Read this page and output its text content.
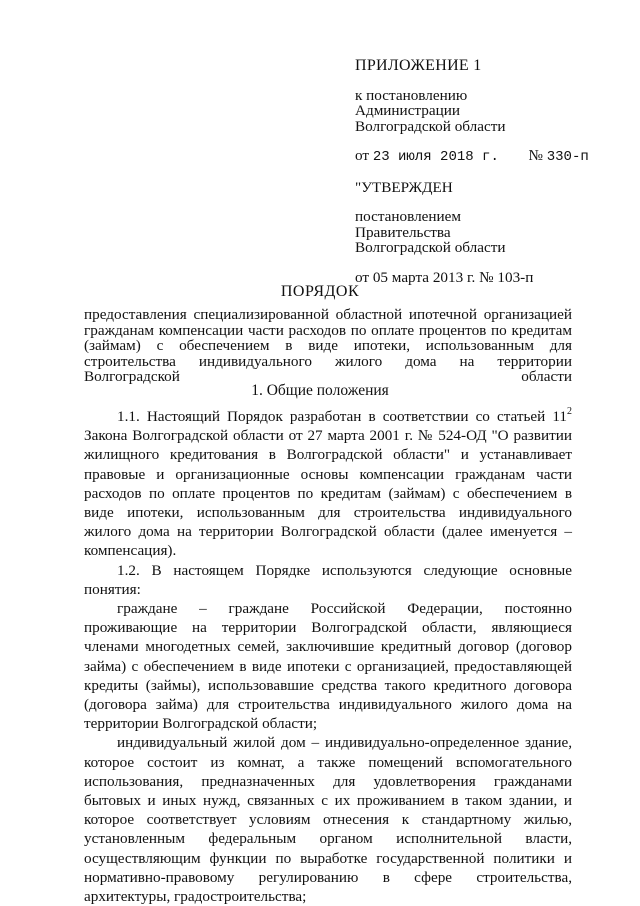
ПРИЛОЖЕНИЕ 1
к постановлению
Администрации
Волгоградской области
от 23 июля 2018 г. № 330-п
"УТВЕРЖДЕН
постановлением
Правительства
Волгоградской области
от 05 марта 2013 г. № 103-п
ПОРЯДОК
предоставления специализированной областной ипотечной организацией гражданам компенсации части расходов по оплате процентов по кредитам (займам) с обеспечением в виде ипотеки, использованным для строительства индивидуального жилого дома на территории Волгоградской области
1. Общие положения

1.1. Настоящий Порядок разработан в соответствии со статьей $11^2$ Закона Волгоградской области от 27 марта 2001 г. № 524-ОД "О развитии жилищного кредитования в Волгоградской области" и устанавливает правовые и организационные основы компенсации гражданам части расходов по оплате процентов по кредитам (займам) с обеспечением в виде ипотеки, использованным для строительства индивидуального жилого дома на территории Волгоградской области (далее именуется – компенсация).

1.2. В настоящем Порядке используются следующие основные понятия:

граждане – граждане Российской Федерации, постоянно проживающие на территории Волгоградской области, являющиеся членами многодетных семей, заключившие кредитный договор (договор займа) с обеспечением в виде ипотеки с организацией, предоставляющей кредиты (займы), использовавшие средства такого кредитного договора (договора займа) для строительства индивидуального жилого дома на территории Волгоградской области;

индивидуальный жилой дом – индивидуально-определенное здание, которое состоит из комнат, а также помещений вспомогательного использования, предназначенных для удовлетворения гражданами бытовых и иных нужд, связанных с их проживанием в таком здании, и которое соответствует условиям отнесения к стандартному жилью, установленным федеральным органом исполнительной власти, осуществляющим функции по выработке государственной политики и нормативно-правовому регулированию в сфере строительства, архитектуры, градостроительства;
